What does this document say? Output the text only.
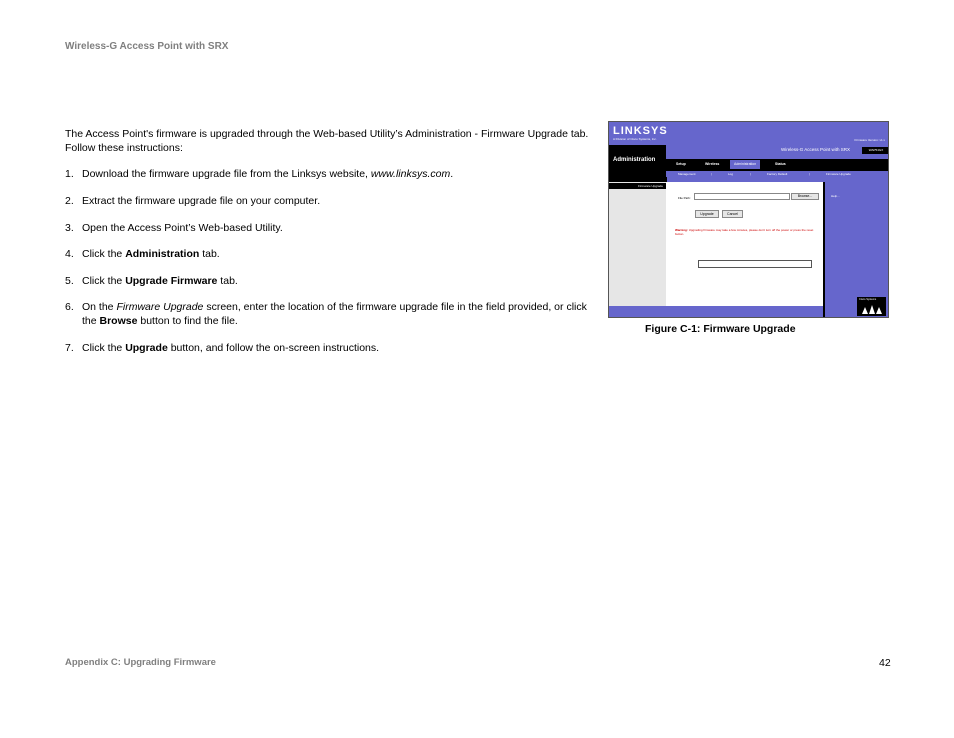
Wireless-G Access Point with SRX

The Access Point's firmware is upgraded through the Web-based Utility’s Administration - Firmware Upgrade tab. Follow these instructions:

1. Download the firmware upgrade file from the Linksys website, www.linksys.com.
2. Extract the firmware upgrade file on your computer.
3. Open the Access Point’s Web-based Utility.
4. Click the Administration tab.
5. Click the Upgrade Firmware tab.
6. On the Firmware Upgrade screen, enter the location of the firmware upgrade file in the field provided, or click the Browse button to find the file.
7. Click the Upgrade button, and follow the on-screen instructions.
LINKSYS
A Division of Cisco Systems, Inc.	Firmware Version: v1.x
Administration
Wireless-G Access Point with SRX	WAP54GX
Setup	Wireless	Administration	Status
Management	|	Log	|	Factory Default	|	Firmware Upgrade
Firmware Upgrade
File Path:	Browse...
Upgrade	Cancel
Warning: Upgrading firmware may take a few minutes, please don't turn off the power or press the reset button.
Help...
Cisco Systems
Figure C-1: Firmware Upgrade
Appendix C: Upgrading Firmware	42
